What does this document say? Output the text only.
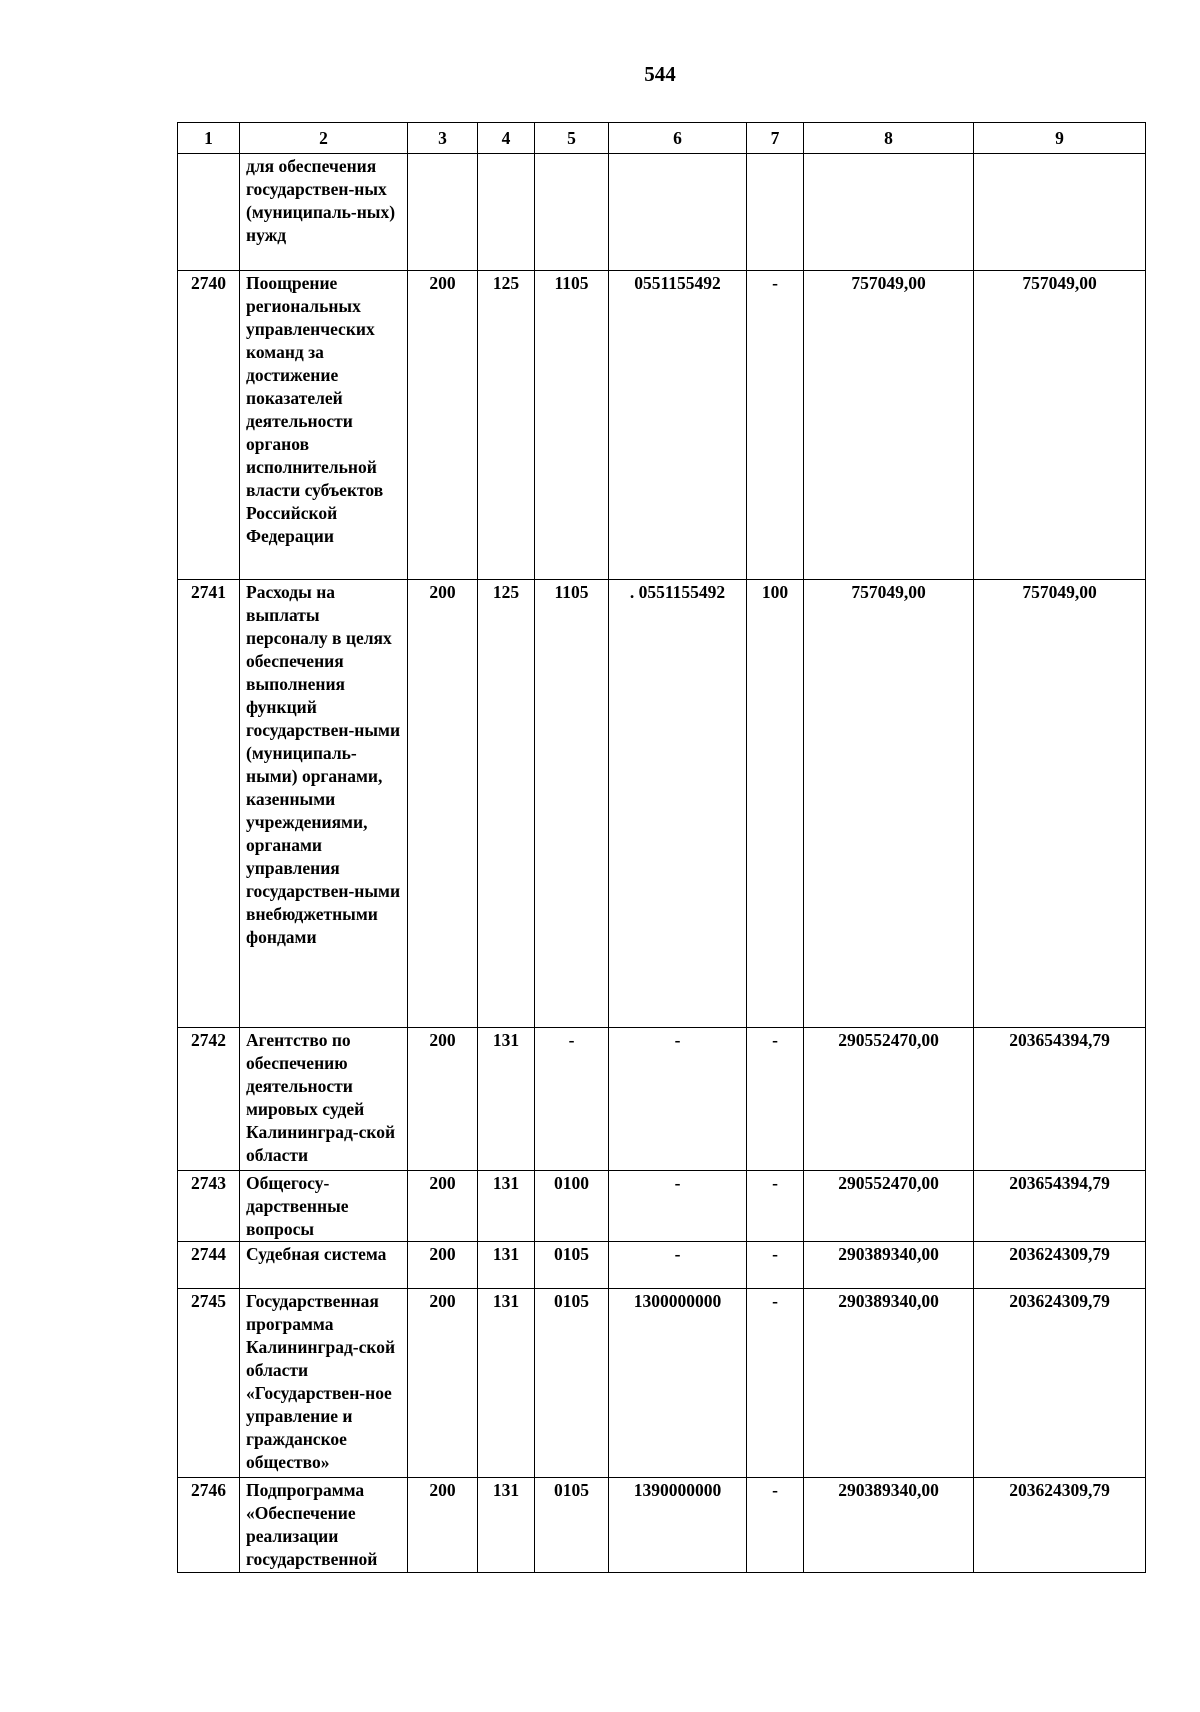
544
1	2	3	4	5	6	7	8	9
	для обеспечения государствен-ных (муниципаль-ных) нужд							
2740	Поощрение региональных управленческих команд за достижение показателей деятельности органов исполнительной власти субъектов Российской Федерации	200	125	1105	0551155492	-	757049,00	757049,00
2741	Расходы на выплаты персоналу в целях обеспечения выполнения функций государствен-ными (муниципаль-ными) органами, казенными учреждениями, органами управления государствен-ными внебюджетными фондами	200	125	1105	. 0551155492	100	757049,00	757049,00
2742	Агентство по обеспечению деятельности мировых судей Калининград-ской области	200	131	-	-	-	290552470,00	203654394,79
2743	Общегосу-дарственные вопросы	200	131	0100	-	-	290552470,00	203654394,79
2744	Судебная система	200	131	0105	-	-	290389340,00	203624309,79
2745	Государственная программа Калининград-ской области «Государствен-ное управление и гражданское общество»	200	131	0105	1300000000	-	290389340,00	203624309,79
2746	Подпрограмма «Обеспечение реализации государственной	200	131	0105	1390000000	-	290389340,00	203624309,79
